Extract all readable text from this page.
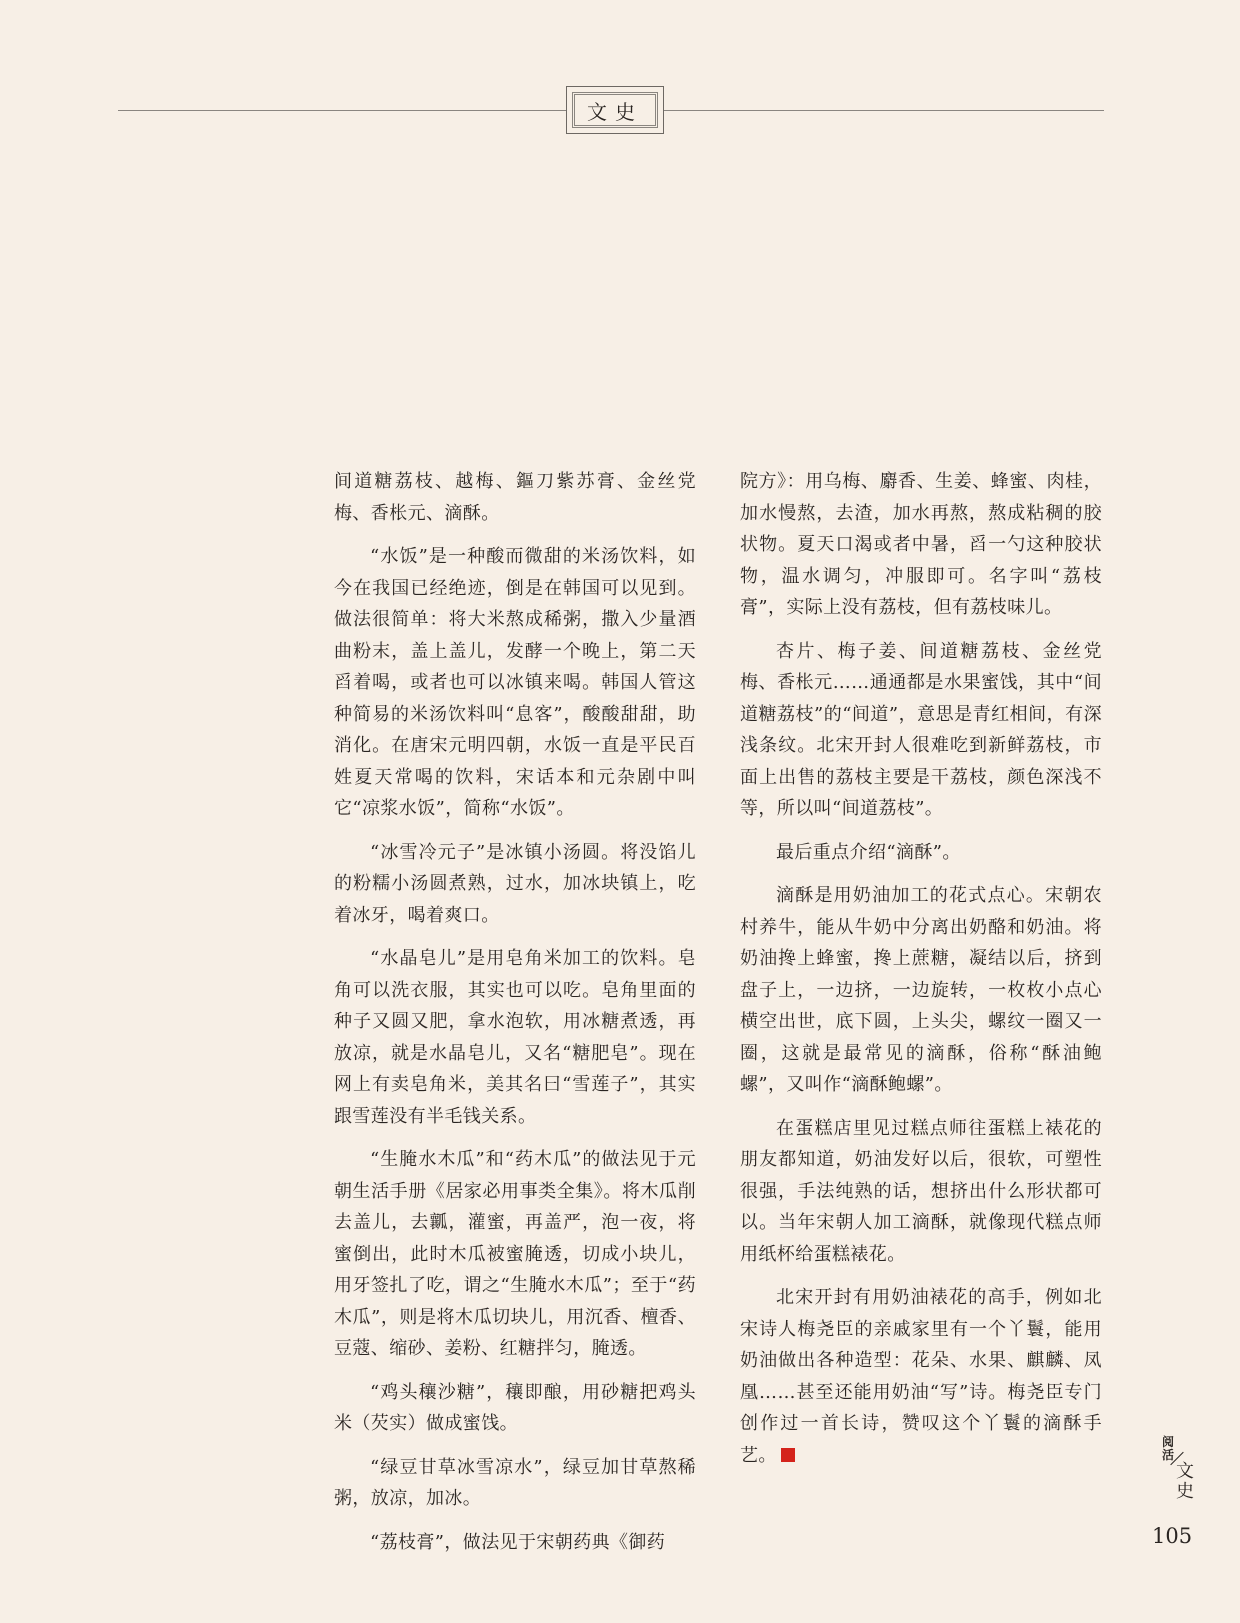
文史

间道糖荔枝、越梅、鏂刀紫苏膏、金丝党梅、香枨元、滴酥。

“水饭”是一种酸而微甜的米汤饮料，如今在我国已经绝迹，倒是在韩国可以见到。做法很简单：将大米熬成稀粥，撒入少量酒曲粉末，盖上盖儿，发酵一个晚上，第二天舀着喝，或者也可以冰镇来喝。韩国人管这种简易的米汤饮料叫“息客”，酸酸甜甜，助消化。在唐宋元明四朝，水饭一直是平民百姓夏天常喝的饮料，宋话本和元杂剧中叫它“凉浆水饭”，简称“水饭”。

“冰雪冷元子”是冰镇小汤圆。将没馅儿的粉糯小汤圆煮熟，过水，加冰块镇上，吃着冰牙，喝着爽口。

“水晶皂儿”是用皂角米加工的饮料。皂角可以洗衣服，其实也可以吃。皂角里面的种子又圆又肥，拿水泡软，用冰糖煮透，再放凉，就是水晶皂儿，又名“糖肥皂”。现在网上有卖皂角米，美其名曰“雪莲子”，其实跟雪莲没有半毛钱关系。

“生腌水木瓜”和“药木瓜”的做法见于元朝生活手册《居家必用事类全集》。将木瓜削去盖儿，去瓤，灌蜜，再盖严，泡一夜，将蜜倒出，此时木瓜被蜜腌透，切成小块儿，用牙签扎了吃，谓之“生腌水木瓜”；至于“药木瓜”，则是将木瓜切块儿，用沉香、檀香、豆蔻、缩砂、姜粉、红糖拌匀，腌透。

“鸡头穰沙糖”，穰即酿，用砂糖把鸡头米（芡实）做成蜜饯。

“绿豆甘草冰雪凉水”，绿豆加甘草熬稀粥，放凉，加冰。

“荔枝膏”，做法见于宋朝药典《御药

院方》：用乌梅、麝香、生姜、蜂蜜、肉桂，加水慢熬，去渣，加水再熬，熬成粘稠的胶状物。夏天口渴或者中暑，舀一勺这种胶状物，温水调匀，冲服即可。名字叫“荔枝膏”，实际上没有荔枝，但有荔枝味儿。

杏片、梅子姜、间道糖荔枝、金丝党梅、香枨元……通通都是水果蜜饯，其中“间道糖荔枝”的“间道”，意思是青红相间，有深浅条纹。北宋开封人很难吃到新鲜荔枝，市面上出售的荔枝主要是干荔枝，颜色深浅不等，所以叫“间道荔枝”。

最后重点介绍“滴酥”。

滴酥是用奶油加工的花式点心。宋朝农村养牛，能从牛奶中分离出奶酪和奶油。将奶油搀上蜂蜜，搀上蔗糖，凝结以后，挤到盘子上，一边挤，一边旋转，一枚枚小点心横空出世，底下圆，上头尖，螺纹一圈又一圈，这就是最常见的滴酥，俗称“酥油鲍螺”，又叫作“滴酥鲍螺”。

在蛋糕店里见过糕点师往蛋糕上裱花的朋友都知道，奶油发好以后，很软，可塑性很强，手法纯熟的话，想挤出什么形状都可以。当年宋朝人加工滴酥，就像现代糕点师用纸杯给蛋糕裱花。

北宋开封有用奶油裱花的高手，例如北宋诗人梅尧臣的亲戚家里有一个丫鬟，能用奶油做出各种造型：花朵、水果、麒麟、凤凰……甚至还能用奶油“写”诗。梅尧臣专门创作过一首长诗，赞叹这个丫鬟的滴酥手艺。

阅活
文史
105
